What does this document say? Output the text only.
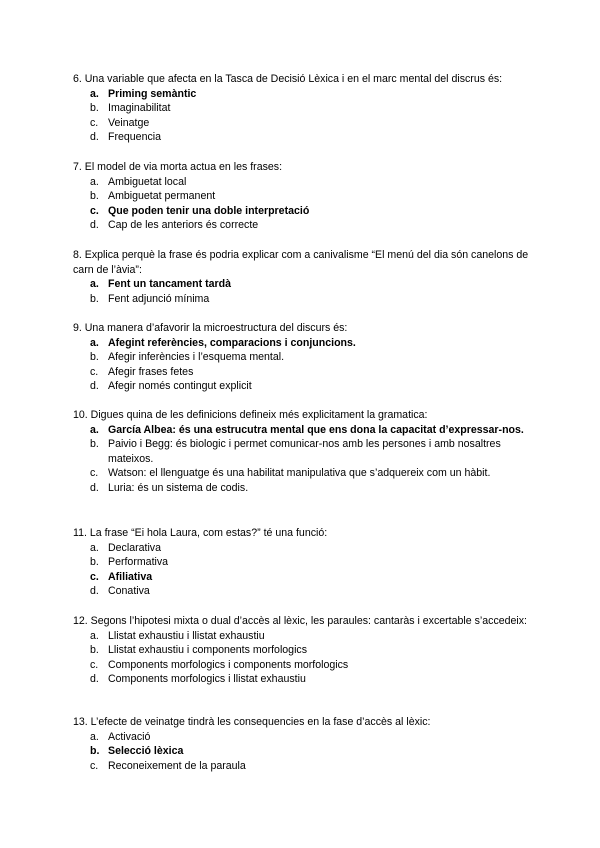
6. Una variable que afecta en la Tasca de Decisió Lèxica i en el marc mental del discrus és:

a. Priming semàntic
b. Imaginabilitat
c. Veinatge
d. Frequencia

7. El model de via morta actua en les frases:

a. Ambiguetat local
b. Ambiguetat permanent
c. Que poden tenir una doble interpretació
d. Cap de les anteriors és correcte

8. Explica perquè la frase és podria explicar com a canivalisme “El menú del dia són canelons de carn de l’àvia”:

a. Fent un tancament tardà
b. Fent adjunció mínima

9. Una manera d’afavorir la microestructura del discurs és:

a. Afegint referències, comparacions i conjuncions.
b. Afegir inferències i l’esquema mental.
c. Afegir frases fetes
d. Afegir només contingut explicit

10. Digues quina de les definicions defineix més explicitament la gramatica:

a. García Albea: és una estrucutra mental que ens dona la capacitat d’expressar-nos.
b. Paivio i Begg: és biologic i permet comunicar-nos amb les persones i amb nosaltres mateixos.
c. Watson: el llenguatge és una habilitat manipulativa que s’adquereix com un hàbit.
d. Luria: és un sistema de codis.

11. La frase “Ei hola Laura, com estas?” té una funció:

a. Declarativa
b. Performativa
c. Afiliativa
d. Conativa

12. Segons l’hipotesi mixta o dual d’accès al lèxic, les paraules: cantaràs i excertable s’accedeix:

a. Llistat exhaustiu i llistat exhaustiu
b. Llistat exhaustiu i components morfologics
c. Components morfologics i components morfologics
d. Components morfologics i llistat exhaustiu

13. L’efecte de veinatge tindrà les consequencies en la fase d’accès al lèxic:

a. Activació
b. Selecció lèxica
c. Reconeixement de la paraula
